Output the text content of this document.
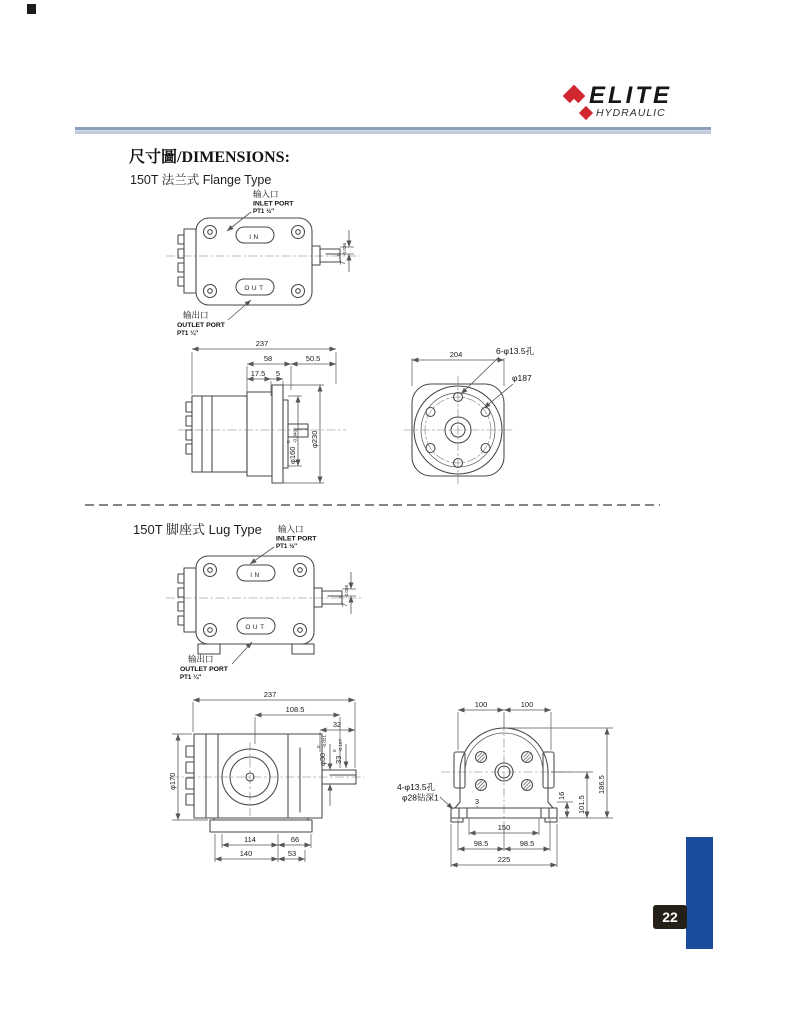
ELITE
HYDRAULIC
尺寸圖/DIMENSIONS:
150T 法兰式 Flange Type
IN
OUT
输入口
INLET PORT
PT1 ½″
输出口
OUTLET PORT
PT1 ¼″
7
0 -0.036
237
58	50.5
17.5 5
φ160
0 -0.040 φ230
204	6-φ13.5孔
φ187
150T 脚座式 Lug Type
IN
OUT
输入口
INLET PORT
PT1 ½″
输出口
OUTLET PORT
PT1 ¼″
7
0 -0.036
237
108.5
32
φ30
0 -0.021
33
0 -0.157
φ170
114	66
140	53
100	100
186.5
101.5
16
3
4-φ13.5孔
φ28钻深1
150
98.5	98.5
225
22
